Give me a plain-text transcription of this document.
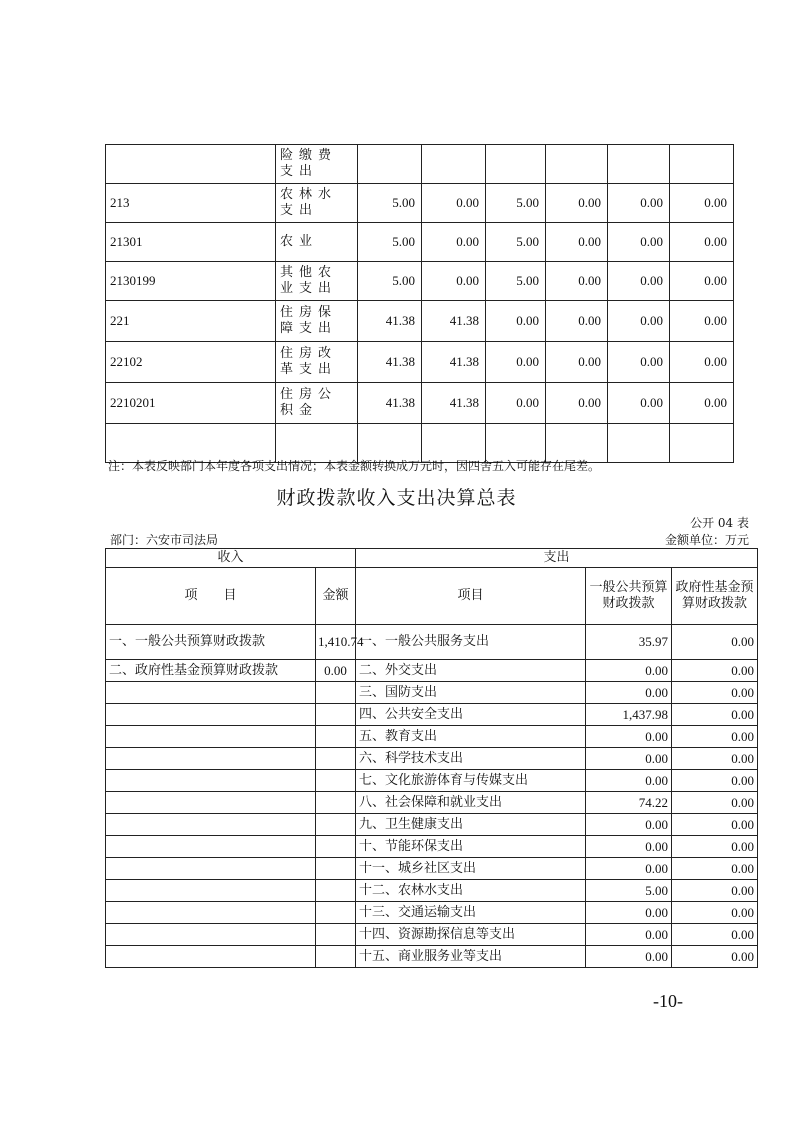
	险缴费支出						
213	农林水支出	5.00	0.00	5.00	0.00	0.00	0.00
21301	农业	5.00	0.00	5.00	0.00	0.00	0.00
2130199	其他农业支出	5.00	0.00	5.00	0.00	0.00	0.00
221	住房保障支出	41.38	41.38	0.00	0.00	0.00	0.00
22102	住房改革支出	41.38	41.38	0.00	0.00	0.00	0.00
2210201	住房公积金	41.38	41.38	0.00	0.00	0.00	0.00

注：本表反映部门本年度各项支出情况；本表金额转换成万元时，因四舍五入可能存在尾差。
财政拨款收入支出决算总表
公开 04 表
部门：六安市司法局	金额单位：万元
收入		支出		
项　　目	金额	项目	一般公共预算财政拨款	政府性基金预算财政拨款
一、一般公共预算财政拨款	1,410.74	一、一般公共服务支出	35.97	0.00
二、政府性基金预算财政拨款	0.00	二、外交支出	0.00	0.00
		三、国防支出	0.00	0.00
		四、公共安全支出	1,437.98	0.00
		五、教育支出	0.00	0.00
		六、科学技术支出	0.00	0.00
		七、文化旅游体育与传媒支出	0.00	0.00
		八、社会保障和就业支出	74.22	0.00
		九、卫生健康支出	0.00	0.00
		十、节能环保支出	0.00	0.00
		十一、城乡社区支出	0.00	0.00
		十二、农林水支出	5.00	0.00
		十三、交通运输支出	0.00	0.00
		十四、资源勘探信息等支出	0.00	0.00
		十五、商业服务业等支出	0.00	0.00
-10-
